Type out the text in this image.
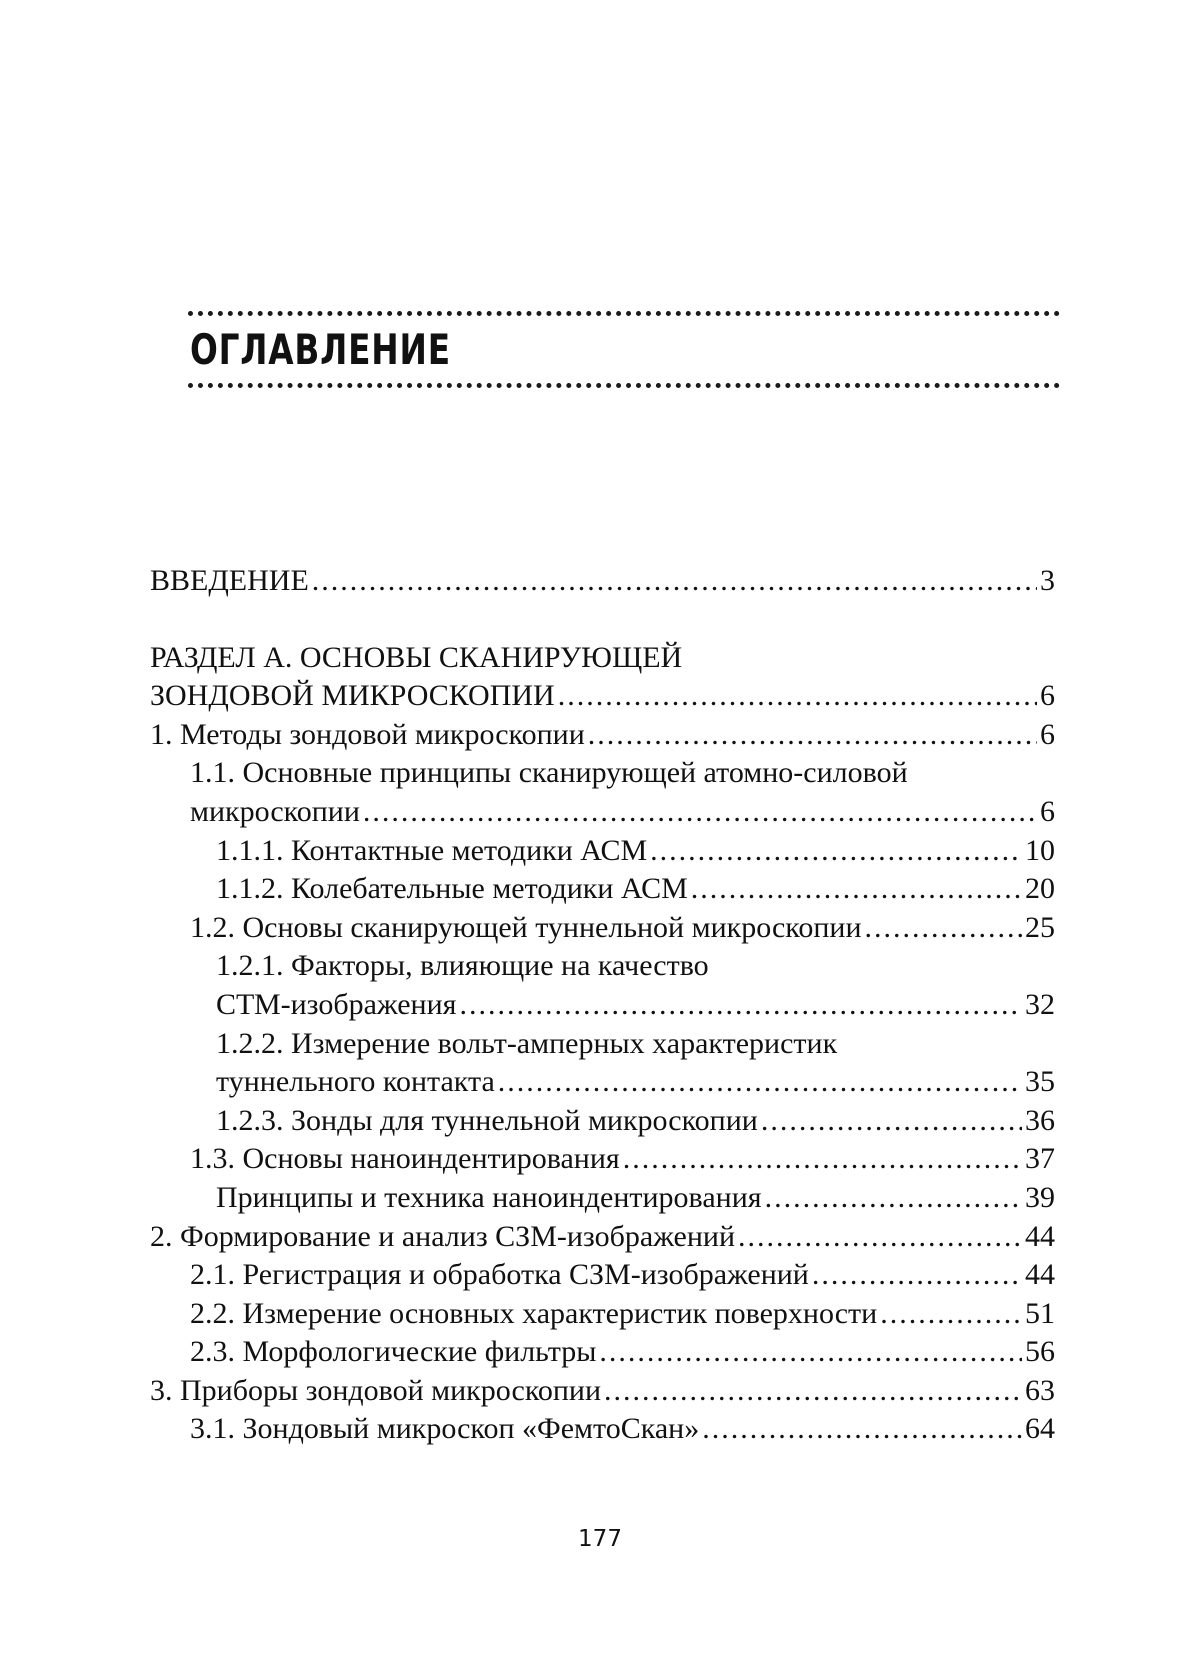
ОГЛАВЛЕНИЕ
ВВЕДЕНИЕ .....	3
РАЗДЕЛ А. ОСНОВЫ СКАНИРУЮЩЕЙ
ЗОНДОВОЙ МИКРОСКОПИИ .....	6
1. Методы зондовой микроскопии .....	6
1.1. Основные принципы сканирующей атомно-силовой
микроскопии .....	6
1.1.1. Контактные методики АСМ .....	10
1.1.2. Колебательные методики АСМ .....	20
1.2. Основы сканирующей туннельной микроскопии .....	25
1.2.1. Факторы, влияющие на качество
СТМ-изображения .....	32
1.2.2. Измерение вольт-амперных характеристик
туннельного контакта .....	35
1.2.3. Зонды для туннельной микроскопии .....	36
1.3. Основы наноиндентирования .....	37
Принципы и техника наноиндентирования .....	39
2. Формирование и анализ СЗМ-изображений .....	44
2.1. Регистрация и обработка СЗМ-изображений .....	44
2.2. Измерение основных характеристик поверхности .....	51
2.3. Морфологические фильтры .....	56
3. Приборы зондовой микроскопии .....	63
3.1. Зондовый микроскоп «ФемтоСкан» .....	64
177
